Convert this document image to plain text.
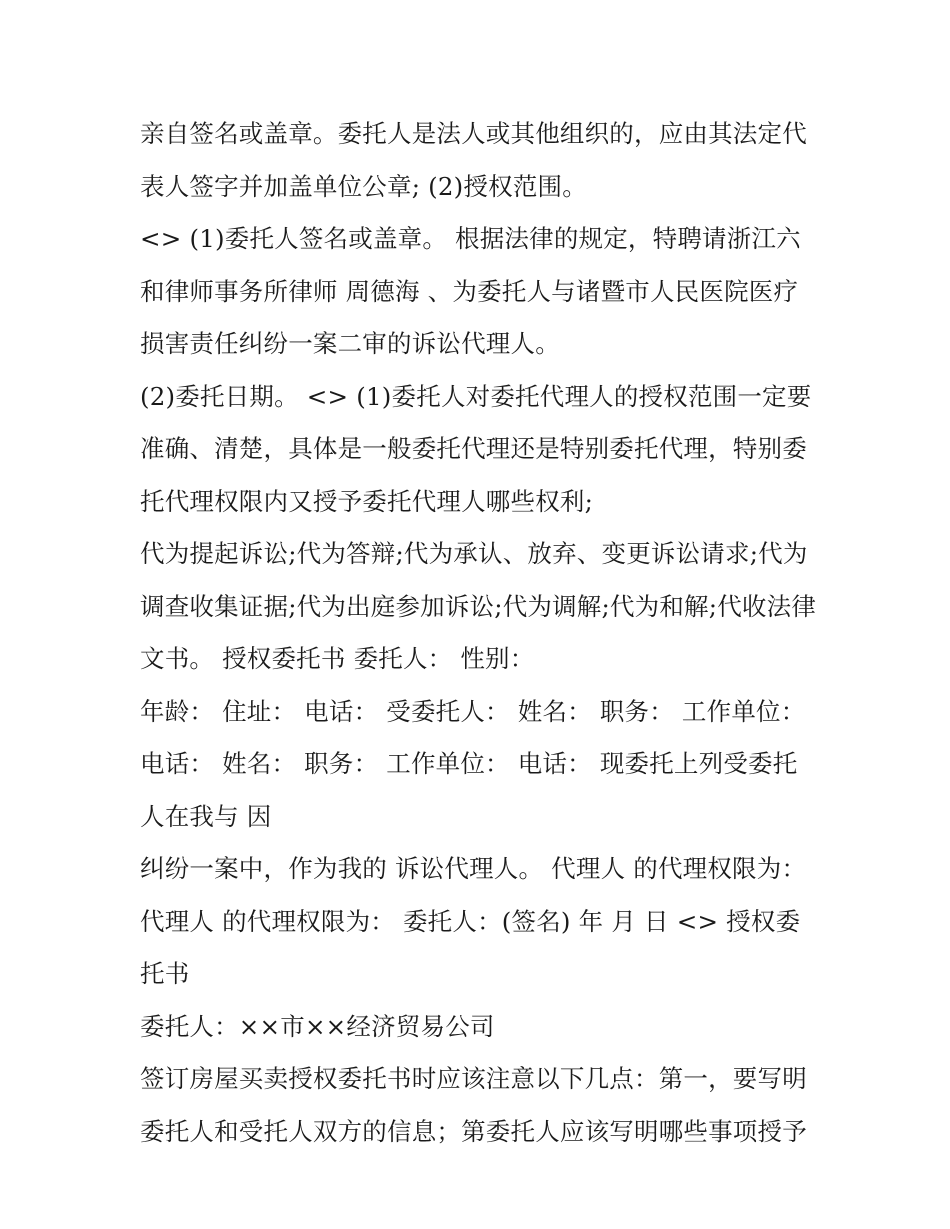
亲自签名或盖章。委托人是法人或其他组织的，应由其法定代表人签字并加盖单位公章; (2)授权范围。

<> (1)委托人签名或盖章。 根据法律的规定，特聘请浙江六和律师事务所律师 周德海 、为委托人与诸暨市人民医院医疗损害责任纠纷一案二审的诉讼代理人。

(2)委托日期。 <> (1)委托人对委托代理人的授权范围一定要准确、清楚，具体是一般委托代理还是特别委托代理，特别委托代理权限内又授予委托代理人哪些权利;

代为提起诉讼;代为答辩;代为承认、放弃、变更诉讼请求;代为调查收集证据;代为出庭参加诉讼;代为调解;代为和解;代收法律文书。 授权委托书 委托人： 性别：

年龄： 住址： 电话： 受委托人： 姓名： 职务： 工作单位： 电话： 姓名： 职务： 工作单位： 电话： 现委托上列受委托人在我与 因

纠纷一案中，作为我的 诉讼代理人。 代理人 的代理权限为： 代理人 的代理权限为： 委托人：(签名) 年 月 日 <> 授权委托书

委托人：××市××经济贸易公司

签订房屋买卖授权委托书时应该注意以下几点：第一，要写明委托人和受托人双方的信息；第委托人应该写明哪些事项授予
